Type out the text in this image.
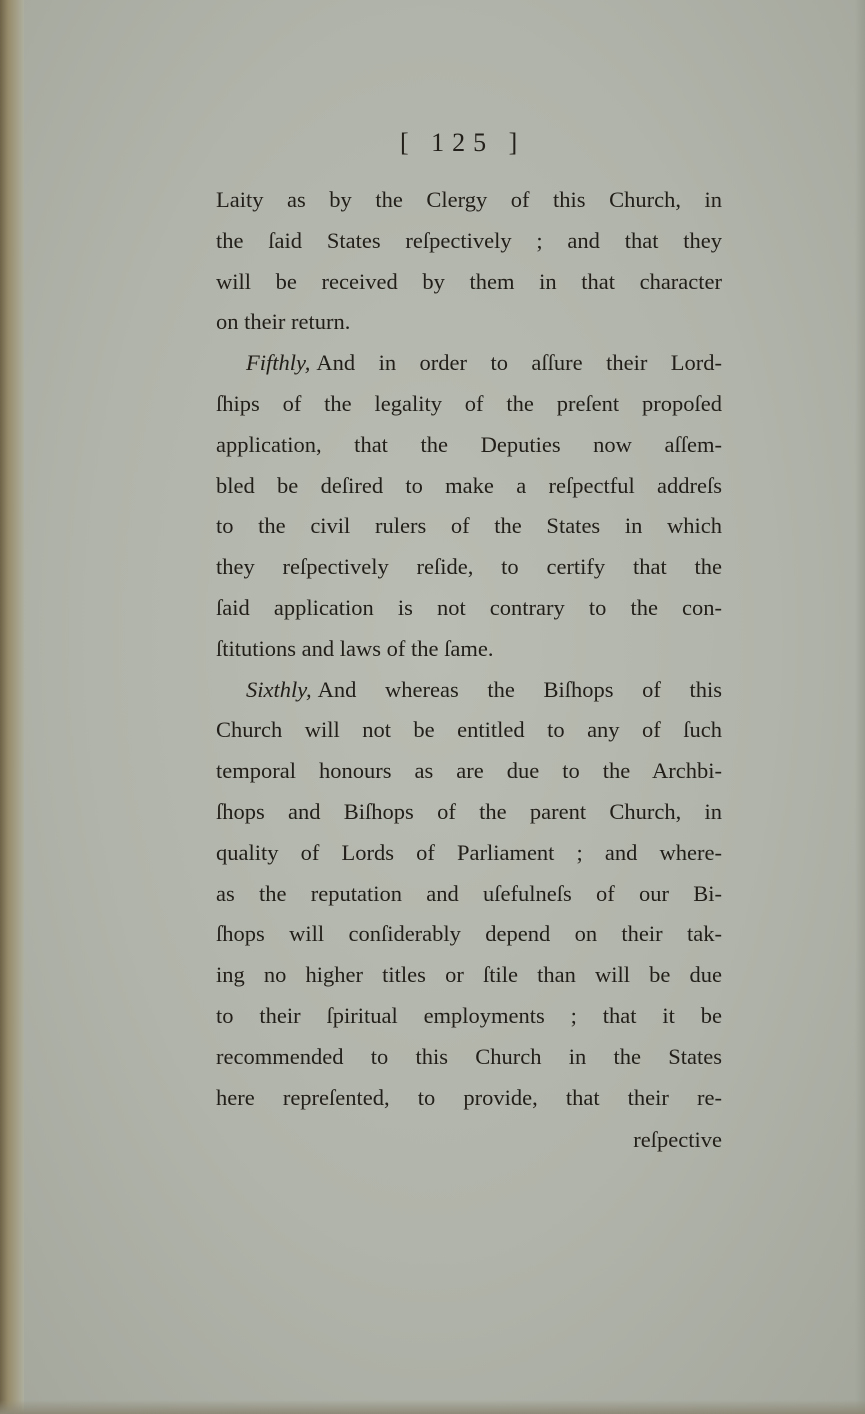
[ 125 ]
Laity as by the Clergy of this Church, in
the ſaid States reſpectively ; and that they
will be received by them in that character
on their return.
Fifthly, And in order to aſſure their Lord-
ſhips of the legality of the preſent propoſed
application, that the Deputies now aſſem-
bled be deſired to make a reſpectful addreſs
to the civil rulers of the States in which
they reſpectively reſide, to certify that the
ſaid application is not contrary to the con-
ſtitutions and laws of the ſame.
Sixthly, And whereas the Biſhops of this
Church will not be entitled to any of ſuch
temporal honours as are due to the Archbi-
ſhops and Biſhops of the parent Church, in
quality of Lords of Parliament ; and where-
as the reputation and uſefulneſs of our Bi-
ſhops will conſiderably depend on their tak-
ing no higher titles or ſtile than will be due
to their ſpiritual employments ; that it be
recommended to this Church in the States
here repreſented, to provide, that their re-
reſpective
